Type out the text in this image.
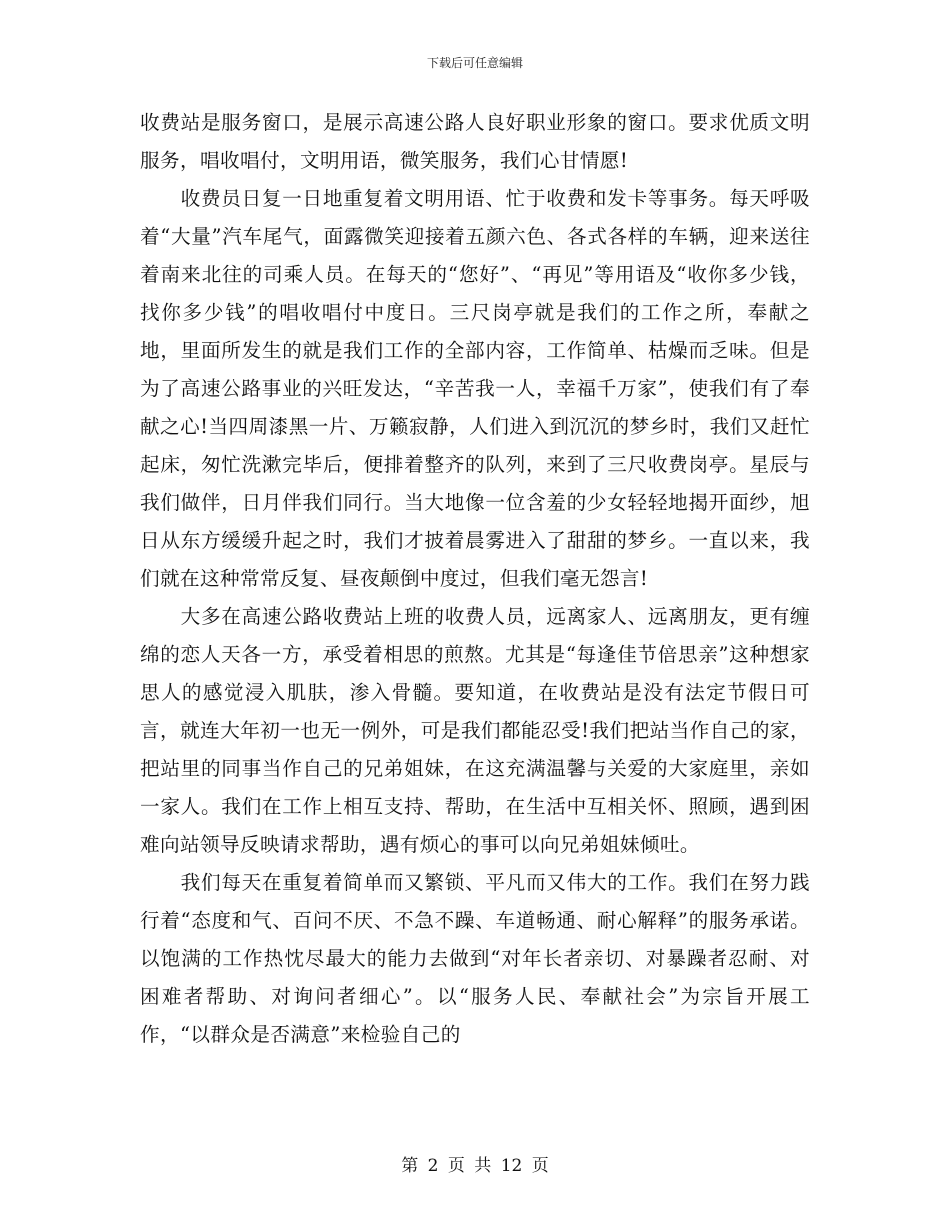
下载后可任意编辑

收费站是服务窗口，是展示高速公路人良好职业形象的窗口。要求优质文明服务，唱收唱付，文明用语，微笑服务，我们心甘情愿!

　　收费员日复一日地重复着文明用语、忙于收费和发卡等事务。每天呼吸着“大量”汽车尾气，面露微笑迎接着五颜六色、各式各样的车辆，迎来送往着南来北往的司乘人员。在每天的“您好”、“再见”等用语及“收你多少钱，找你多少钱”的唱收唱付中度日。三尺岗亭就是我们的工作之所，奉献之地，里面所发生的就是我们工作的全部内容，工作简单、枯燥而乏味。但是为了高速公路事业的兴旺发达，“辛苦我一人，幸福千万家”，使我们有了奉献之心!当四周漆黑一片、万籁寂静，人们进入到沉沉的梦乡时，我们又赶忙起床，匆忙洗漱完毕后，便排着整齐的队列，来到了三尺收费岗亭。星辰与我们做伴，日月伴我们同行。当大地像一位含羞的少女轻轻地揭开面纱，旭日从东方缓缓升起之时，我们才披着晨雾进入了甜甜的梦乡。一直以来，我们就在这种常常反复、昼夜颠倒中度过，但我们毫无怨言!

　　大多在高速公路收费站上班的收费人员，远离家人、远离朋友，更有缠绵的恋人天各一方，承受着相思的煎熬。尤其是“每逢佳节倍思亲”这种想家思人的感觉浸入肌肤，渗入骨髓。要知道，在收费站是没有法定节假日可言，就连大年初一也无一例外，可是我们都能忍受!我们把站当作自己的家，把站里的同事当作自己的兄弟姐妹，在这充满温馨与关爱的大家庭里，亲如一家人。我们在工作上相互支持、帮助，在生活中互相关怀、照顾，遇到困难向站领导反映请求帮助，遇有烦心的事可以向兄弟姐妹倾吐。

　　我们每天在重复着简单而又繁锁、平凡而又伟大的工作。我们在努力践行着“态度和气、百问不厌、不急不躁、车道畅通、耐心解释”的服务承诺。以饱满的工作热忱尽最大的能力去做到“对年长者亲切、对暴躁者忍耐、对困难者帮助、对询问者细心”。以“服务人民、奉献社会”为宗旨开展工作，“以群众是否满意”来检验自己的

第 2 页 共 12 页
